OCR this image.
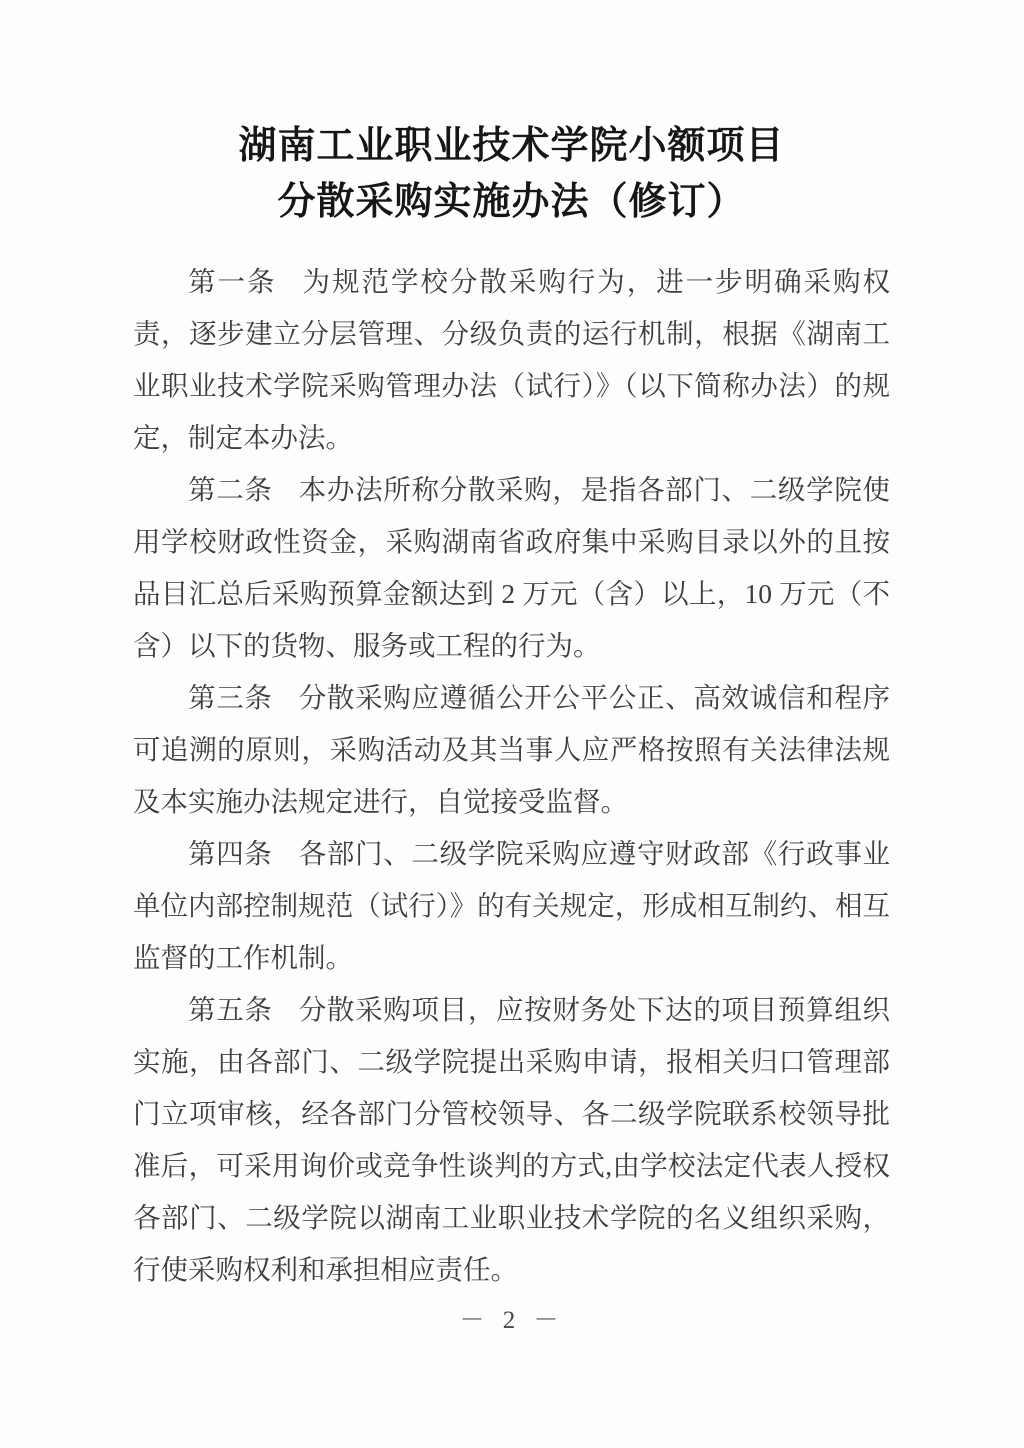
湖南工业职业技术学院小额项目
分散采购实施办法（修订）

第一条 为规范学校分散采购行为，进一步明确采购权责，逐步建立分层管理、分级负责的运行机制，根据《湖南工业职业技术学院采购管理办法（试行）》（以下简称办法）的规定，制定本办法。

第二条 本办法所称分散采购，是指各部门、二级学院使用学校财政性资金，采购湖南省政府集中采购目录以外的且按品目汇总后采购预算金额达到 2 万元（含）以上，10 万元（不含）以下的货物、服务或工程的行为。

第三条 分散采购应遵循公开公平公正、高效诚信和程序可追溯的原则，采购活动及其当事人应严格按照有关法律法规及本实施办法规定进行，自觉接受监督。

第四条 各部门、二级学院采购应遵守财政部《行政事业单位内部控制规范（试行）》的有关规定，形成相互制约、相互监督的工作机制。

第五条 分散采购项目，应按财务处下达的项目预算组织实施，由各部门、二级学院提出采购申请，报相关归口管理部门立项审核，经各部门分管校领导、各二级学院联系校领导批准后，可采用询价或竞争性谈判的方式,由学校法定代表人授权各部门、二级学院以湖南工业职业技术学院的名义组织采购，行使采购权利和承担相应责任。

－ 2 －
